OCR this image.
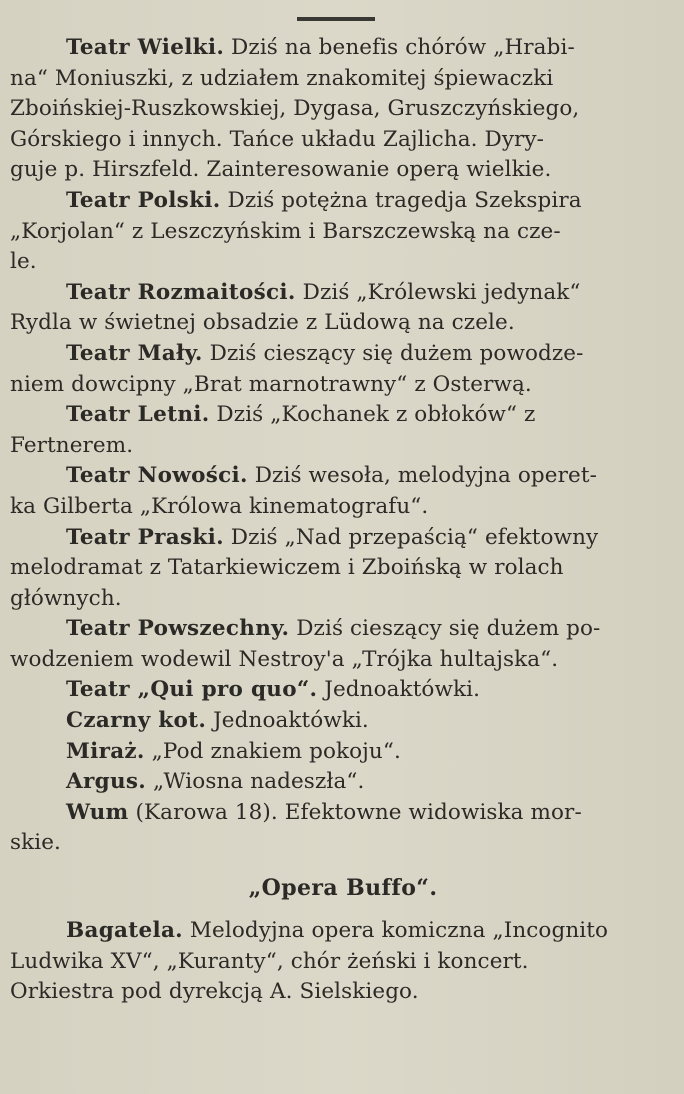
Teatr Wielki. Dziś na benefis chórów „Hrabi-
na“ Moniuszki, z udziałem znakomitej śpiewaczki
Zboińskiej-Ruszkowskiej, Dygasa, Gruszczyńskiego,
Górskiego i innych. Tańce układu Zajlicha. Dyry-
guje p. Hirszfeld. Zainteresowanie operą wielkie.
Teatr Polski. Dziś potężna tragedja Szekspira
„Korjolan“ z Leszczyńskim i Barszczewską na cze-
le.
Teatr Rozmaitości. Dziś „Królewski jedynak“
Rydla w świetnej obsadzie z Lüdową na czele.
Teatr Mały. Dziś cieszący się dużem powodze-
niem dowcipny „Brat marnotrawny“ z Osterwą.
Teatr Letni. Dziś „Kochanek z obłoków“ z
Fertnerem.
Teatr Nowości. Dziś wesoła, melodyjna operet-
ka Gilberta „Królowa kinematografu“.
Teatr Praski. Dziś „Nad przepaścią“ efektowny
melodramat z Tatarkiewiczem i Zboińską w rolach
głównych.
Teatr Powszechny. Dziś cieszący się dużem po-
wodzeniem wodewil Nestroy'a „Trójka hultajska“.
Teatr „Qui pro quo“. Jednoaktówki.
Czarny kot. Jednoaktówki.
Miraż. „Pod znakiem pokoju“.
Argus. „Wiosna nadeszła“.
Wum (Karowa 18). Efektowne widowiska mor-
skie.
„Opera Buffo“.
Bagatela. Melodyjna opera komiczna „Incognito
Ludwika XV“, „Kuranty“, chór żeński i koncert.
Orkiestra pod dyrekcją A. Sielskiego.
